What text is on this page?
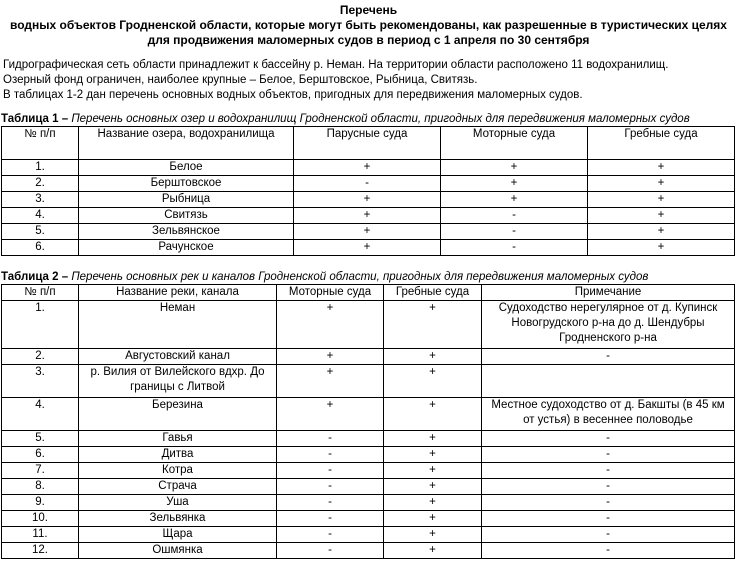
Перечень
водных объектов Гродненской области, которые могут быть рекомендованы, как разрешенные в туристических целях
для продвижения маломерных судов в период с 1 апреля по 30 сентября
Гидрографическая сеть области принадлежит к бассейну р. Неман. На территории области расположено 11 водохранилищ.
Озерный фонд ограничен, наиболее крупные – Белое, Берштовское, Рыбница, Свитязь.
В таблицах 1-2 дан перечень основных водных объектов, пригодных для передвижения маломерных судов.
Таблица 1 – Перечень основных озер и водохранилищ Гродненской области, пригодных для передвижения маломерных судов
№ п/п	Название озера, водохранилища	Парусные суда	Моторные суда	Гребные суда
1.	Белое	+	+	+
2.	Берштовское	-	+	+
3.	Рыбница	+	+	+
4.	Свитязь	+	-	+
5.	Зельвянское	+	-	+
6.	Рачунское	+	-	+
Таблица 2 – Перечень основных рек и каналов Гродненской области, пригодных для передвижения маломерных судов
№ п/п	Название реки, канала	Моторные суда	Гребные суда	Примечание
1.	Неман	+	+	Судоходство нерегулярное от д. Купинск Новогрудского р-на до д. Шендубры Гродненского р-на
2.	Августовский канал	+	+	-
3.	р. Вилия от Вилейского вдхр. До границы с Литвой	+	+	
4.	Березина	+	+	Местное судоходство от д. Бакшты (в 45 км от устья) в весеннее половодье
5.	Гавья	-	+	-
6.	Дитва	-	+	-
7.	Котра	-	+	-
8.	Страча	-	+	-
9.	Уша	-	+	-
10.	Зельвянка	-	+	-
11.	Щара	-	+	-
12.	Ошмянка	-	+	-
